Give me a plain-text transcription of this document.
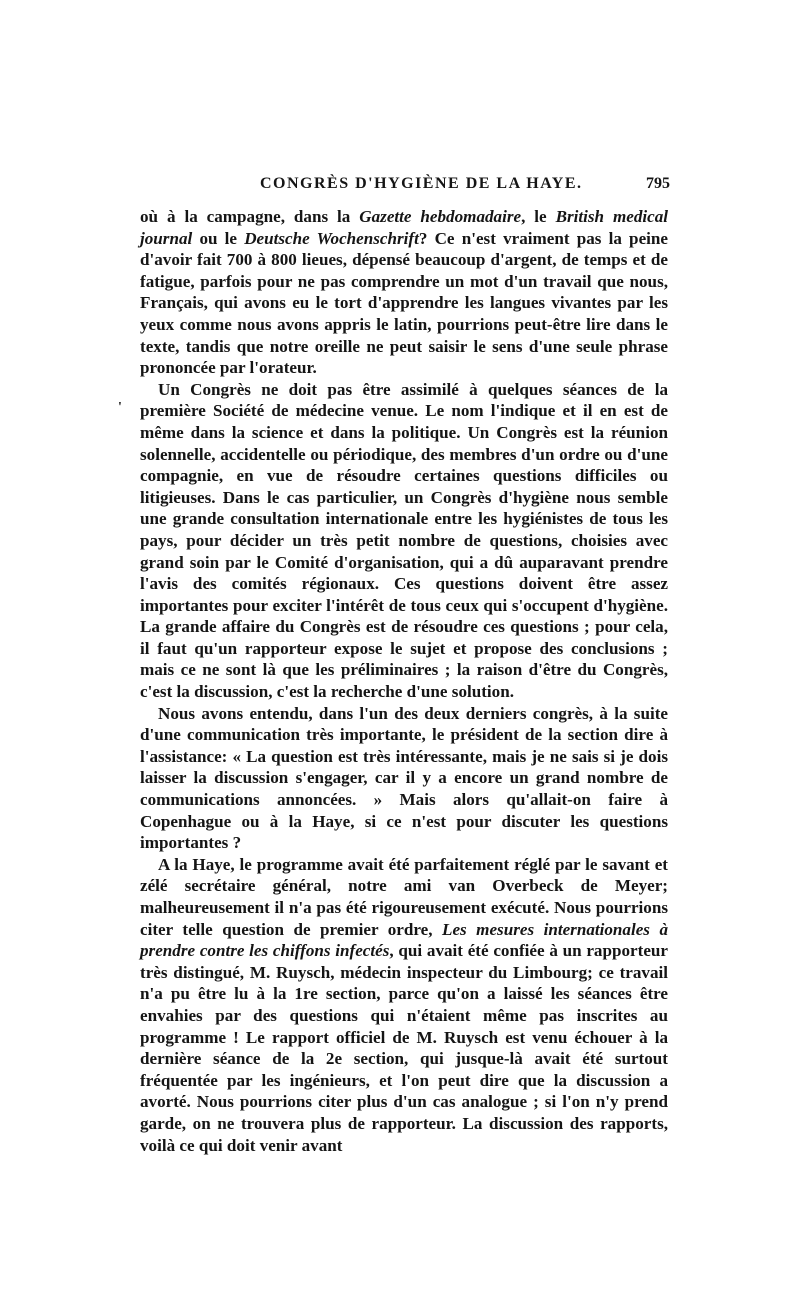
CONGRÈS D'HYGIÈNE DE LA HAYE.	795
'

où à la campagne, dans la Gazette hebdomadaire, le British medical journal ou le Deutsche Wochenschrift? Ce n'est vraiment pas la peine d'avoir fait 700 à 800 lieues, dépensé beaucoup d'argent, de temps et de fatigue, parfois pour ne pas comprendre un mot d'un travail que nous, Français, qui avons eu le tort d'apprendre les langues vivantes par les yeux comme nous avons appris le latin, pourrions peut-être lire dans le texte, tandis que notre oreille ne peut saisir le sens d'une seule phrase prononcée par l'orateur.

Un Congrès ne doit pas être assimilé à quelques séances de la première Société de médecine venue. Le nom l'indique et il en est de même dans la science et dans la politique. Un Congrès est la réunion solennelle, accidentelle ou périodique, des membres d'un ordre ou d'une compagnie, en vue de résoudre certaines questions difficiles ou litigieuses. Dans le cas particulier, un Congrès d'hygiène nous semble une grande consultation internationale entre les hygiénistes de tous les pays, pour décider un très petit nombre de questions, choisies avec grand soin par le Comité d'organisation, qui a dû auparavant prendre l'avis des comités régionaux. Ces questions doivent être assez importantes pour exciter l'intérêt de tous ceux qui s'occupent d'hygiène. La grande affaire du Congrès est de résoudre ces questions ; pour cela, il faut qu'un rapporteur expose le sujet et propose des conclusions ; mais ce ne sont là que les préliminaires ; la raison d'être du Congrès, c'est la discussion, c'est la recherche d'une solution.

Nous avons entendu, dans l'un des deux derniers congrès, à la suite d'une communication très importante, le président de la section dire à l'assistance: « La question est très intéressante, mais je ne sais si je dois laisser la discussion s'engager, car il y a encore un grand nombre de communications annoncées. » Mais alors qu'allait-on faire à Copenhague ou à la Haye, si ce n'est pour discuter les questions importantes ?

A la Haye, le programme avait été parfaitement réglé par le savant et zélé secrétaire général, notre ami van Overbeck de Meyer; malheureusement il n'a pas été rigoureusement exécuté. Nous pourrions citer telle question de premier ordre, Les mesures internationales à prendre contre les chiffons infectés, qui avait été confiée à un rapporteur très distingué, M. Ruysch, médecin inspecteur du Limbourg; ce travail n'a pu être lu à la 1re section, parce qu'on a laissé les séances être envahies par des questions qui n'étaient même pas inscrites au programme ! Le rapport officiel de M. Ruysch est venu échouer à la dernière séance de la 2e section, qui jusque-là avait été surtout fréquentée par les ingénieurs, et l'on peut dire que la discussion a avorté. Nous pourrions citer plus d'un cas analogue ; si l'on n'y prend garde, on ne trouvera plus de rapporteur. La discussion des rapports, voilà ce qui doit venir avant
